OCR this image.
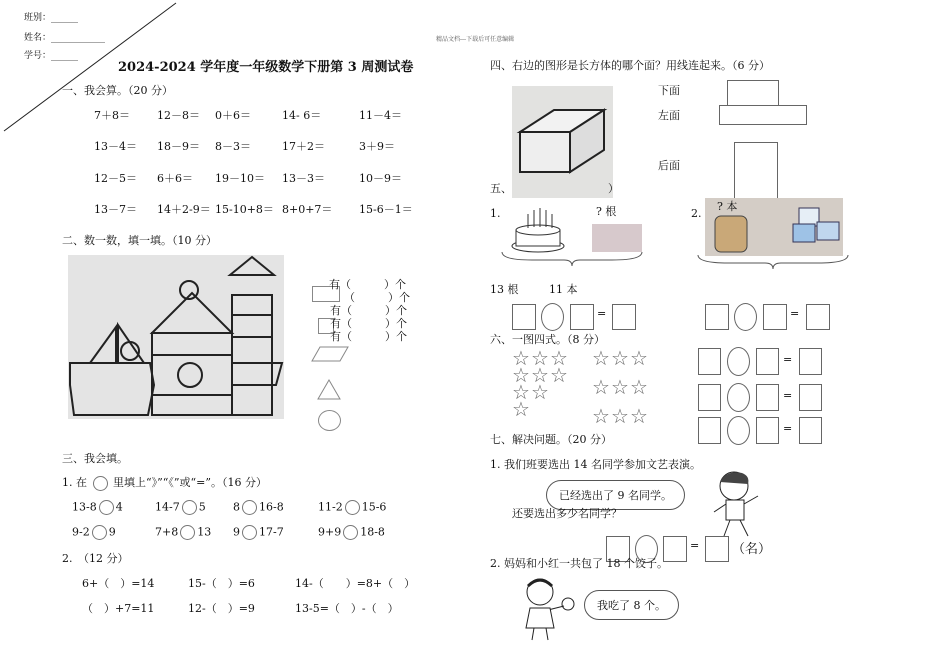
班别：______
姓名：____________
学号：______
精品文档---下载后可任意编辑
2024-2024 学年度一年级数学下册第 3 周测试卷
一、我会算。（20 分）
7＋8＝ 12－8＝ 0＋6＝	14- 6＝	11－4＝
13－4＝ 18－9＝ 8－3＝	17＋2＝	3＋9＝
12－5＝ 6＋6＝ 19－10＝ 13－3＝	10－9＝
13－7＝ 14＋2-9＝ 15-10+8＝ 8+0+7＝ 15-6－1＝
二、数一数，填一填。（10 分）
有（　　　）个
（　　　）个
有（　　　）个
有（　　　）个
有（　　　）个
三、我会填。
1. 在 里填上“》”“《”或“=”。（16 分）
13-8 4	14-7 5 8 16-8	11-2 15-6
9-2 9	7+8 13 9 17-7	9+9 18-8
2.　（12 分）
6+（　）=14	15-（　）=6	14-（　　）=8+（　）
（　）+7=11	12-（　）=9	13-5=（　）-（　）
四、右边的图形是长方体的哪个面？用线连起来。（6 分）
下面
左面
后面
五、	）
1.	? 根
13 根	11 本
2.
? 本
=	=
六、一图四式。（8 分）
☆ ☆ ☆
☆ ☆ ☆
☆ ☆
☆
☆ ☆ ☆
☆ ☆ ☆
☆ ☆ ☆
=
=
=
七、解决问题。（20 分）
1. 我们班要选出 14 名同学参加文艺表演。
已经选出了 9 名同学。
还要选出多少名同学？
=	（名）
2. 妈妈和小红一共包了 18 个饺子。
我吃了 8 个。
